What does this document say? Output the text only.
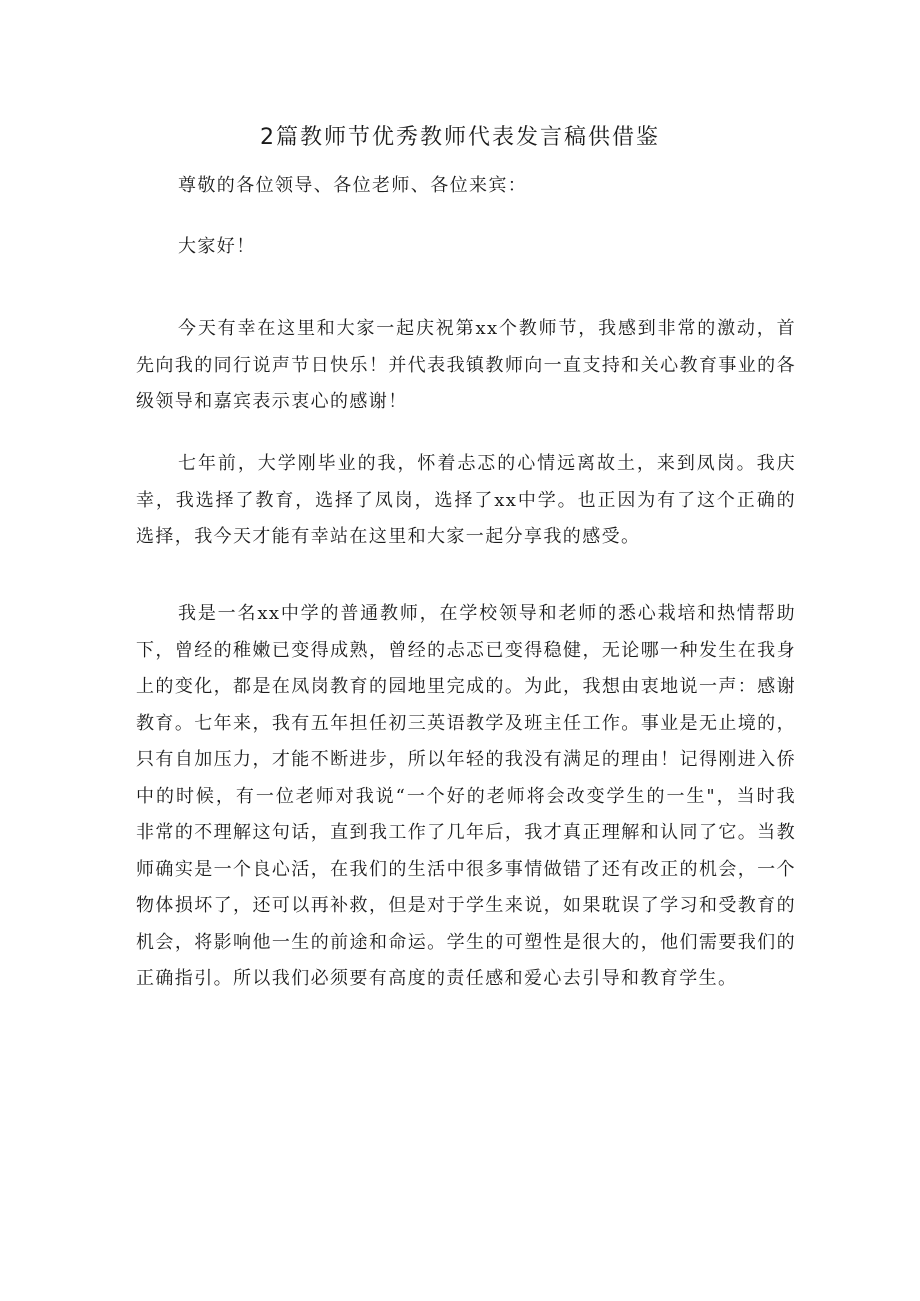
2篇教师节优秀教师代表发言稿供借鉴

尊敬的各位领导、各位老师、各位来宾：

大家好！

今天有幸在这里和大家一起庆祝第xx个教师节，我感到非常的激动，首先向我的同行说声节日快乐！并代表我镇教师向一直支持和关心教育事业的各级领导和嘉宾表示衷心的感谢！

七年前，大学刚毕业的我，怀着忐忑的心情远离故土，来到凤岗。我庆幸，我选择了教育，选择了凤岗，选择了xx中学。也正因为有了这个正确的选择，我今天才能有幸站在这里和大家一起分享我的感受。

我是一名xx中学的普通教师，在学校领导和老师的悉心栽培和热情帮助下，曾经的稚嫩已变得成熟，曾经的忐忑已变得稳健，无论哪一种发生在我身上的变化，都是在凤岗教育的园地里完成的。为此，我想由衷地说一声：感谢教育。七年来，我有五年担任初三英语教学及班主任工作。事业是无止境的，只有自加压力，才能不断进步，所以年轻的我没有满足的理由！记得刚进入侨中的时候，有一位老师对我说“一个好的老师将会改变学生的一生"，当时我非常的不理解这句话，直到我工作了几年后，我才真正理解和认同了它。当教师确实是一个良心活，在我们的生活中很多事情做错了还有改正的机会，一个物体损坏了，还可以再补救，但是对于学生来说，如果耽误了学习和受教育的机会，将影响他一生的前途和命运。学生的可塑性是很大的，他们需要我们的正确指引。所以我们必须要有高度的责任感和爱心去引导和教育学生。
